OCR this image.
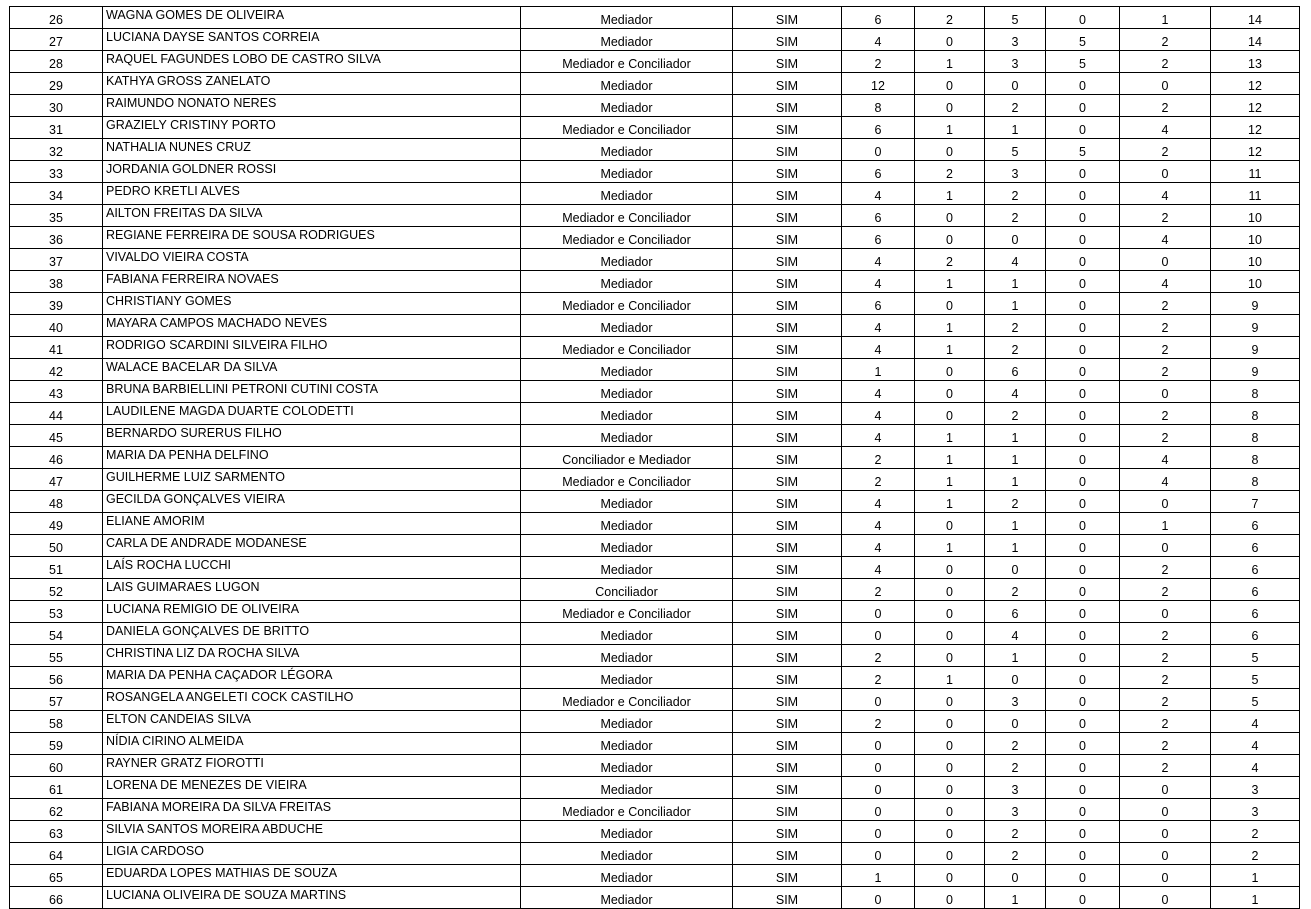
26	WAGNA GOMES DE OLIVEIRA	Mediador	SIM	6	2	5	0	1	14
27	LUCIANA DAYSE SANTOS CORREIA	Mediador	SIM	4	0	3	5	2	14
28	RAQUEL FAGUNDES LOBO DE CASTRO SILVA	Mediador e Conciliador	SIM	2	1	3	5	2	13
29	KATHYA GROSS ZANELATO	Mediador	SIM	12	0	0	0	0	12
30	RAIMUNDO NONATO NERES	Mediador	SIM	8	0	2	0	2	12
31	GRAZIELY CRISTINY PORTO	Mediador e Conciliador	SIM	6	1	1	0	4	12
32	NATHALIA NUNES CRUZ	Mediador	SIM	0	0	5	5	2	12
33	JORDANIA GOLDNER ROSSI	Mediador	SIM	6	2	3	0	0	11
34	PEDRO KRETLI ALVES	Mediador	SIM	4	1	2	0	4	11
35	AILTON FREITAS DA SILVA	Mediador e Conciliador	SIM	6	0	2	0	2	10
36	REGIANE FERREIRA DE SOUSA RODRIGUES	Mediador e Conciliador	SIM	6	0	0	0	4	10
37	VIVALDO VIEIRA COSTA	Mediador	SIM	4	2	4	0	0	10
38	FABIANA FERREIRA NOVAES	Mediador	SIM	4	1	1	0	4	10
39	CHRISTIANY GOMES	Mediador e Conciliador	SIM	6	0	1	0	2	9
40	MAYARA CAMPOS MACHADO NEVES	Mediador	SIM	4	1	2	0	2	9
41	RODRIGO SCARDINI SILVEIRA FILHO	Mediador e Conciliador	SIM	4	1	2	0	2	9
42	WALACE BACELAR DA SILVA	Mediador	SIM	1	0	6	0	2	9
43	BRUNA BARBIELLINI PETRONI CUTINI COSTA	Mediador	SIM	4	0	4	0	0	8
44	LAUDILENE MAGDA DUARTE COLODETTI	Mediador	SIM	4	0	2	0	2	8
45	BERNARDO SURERUS FILHO	Mediador	SIM	4	1	1	0	2	8
46	MARIA DA PENHA DELFINO	Conciliador e Mediador	SIM	2	1	1	0	4	8
47	GUILHERME LUIZ SARMENTO	Mediador e Conciliador	SIM	2	1	1	0	4	8
48	GECILDA GONÇALVES VIEIRA	Mediador	SIM	4	1	2	0	0	7
49	ELIANE AMORIM	Mediador	SIM	4	0	1	0	1	6
50	CARLA DE ANDRADE MODANESE	Mediador	SIM	4	1	1	0	0	6
51	LAÍS ROCHA LUCCHI	Mediador	SIM	4	0	0	0	2	6
52	LAIS GUIMARAES LUGON	Conciliador	SIM	2	0	2	0	2	6
53	LUCIANA REMIGIO DE OLIVEIRA	Mediador e Conciliador	SIM	0	0	6	0	0	6
54	DANIELA GONÇALVES DE BRITTO	Mediador	SIM	0	0	4	0	2	6
55	CHRISTINA LIZ DA ROCHA SILVA	Mediador	SIM	2	0	1	0	2	5
56	MARIA DA PENHA CAÇADOR LÉGORA	Mediador	SIM	2	1	0	0	2	5
57	ROSANGELA ANGELETI COCK CASTILHO	Mediador e Conciliador	SIM	0	0	3	0	2	5
58	ELTON CANDEIAS SILVA	Mediador	SIM	2	0	0	0	2	4
59	NÍDIA CIRINO ALMEIDA	Mediador	SIM	0	0	2	0	2	4
60	RAYNER GRATZ FIOROTTI	Mediador	SIM	0	0	2	0	2	4
61	LORENA DE MENEZES DE VIEIRA	Mediador	SIM	0	0	3	0	0	3
62	FABIANA MOREIRA DA SILVA FREITAS	Mediador e Conciliador	SIM	0	0	3	0	0	3
63	SILVIA SANTOS MOREIRA ABDUCHE	Mediador	SIM	0	0	2	0	0	2
64	LIGIA CARDOSO	Mediador	SIM	0	0	2	0	0	2
65	EDUARDA LOPES MATHIAS DE SOUZA	Mediador	SIM	1	0	0	0	0	1
66	LUCIANA OLIVEIRA DE SOUZA MARTINS	Mediador	SIM	0	0	1	0	0	1
